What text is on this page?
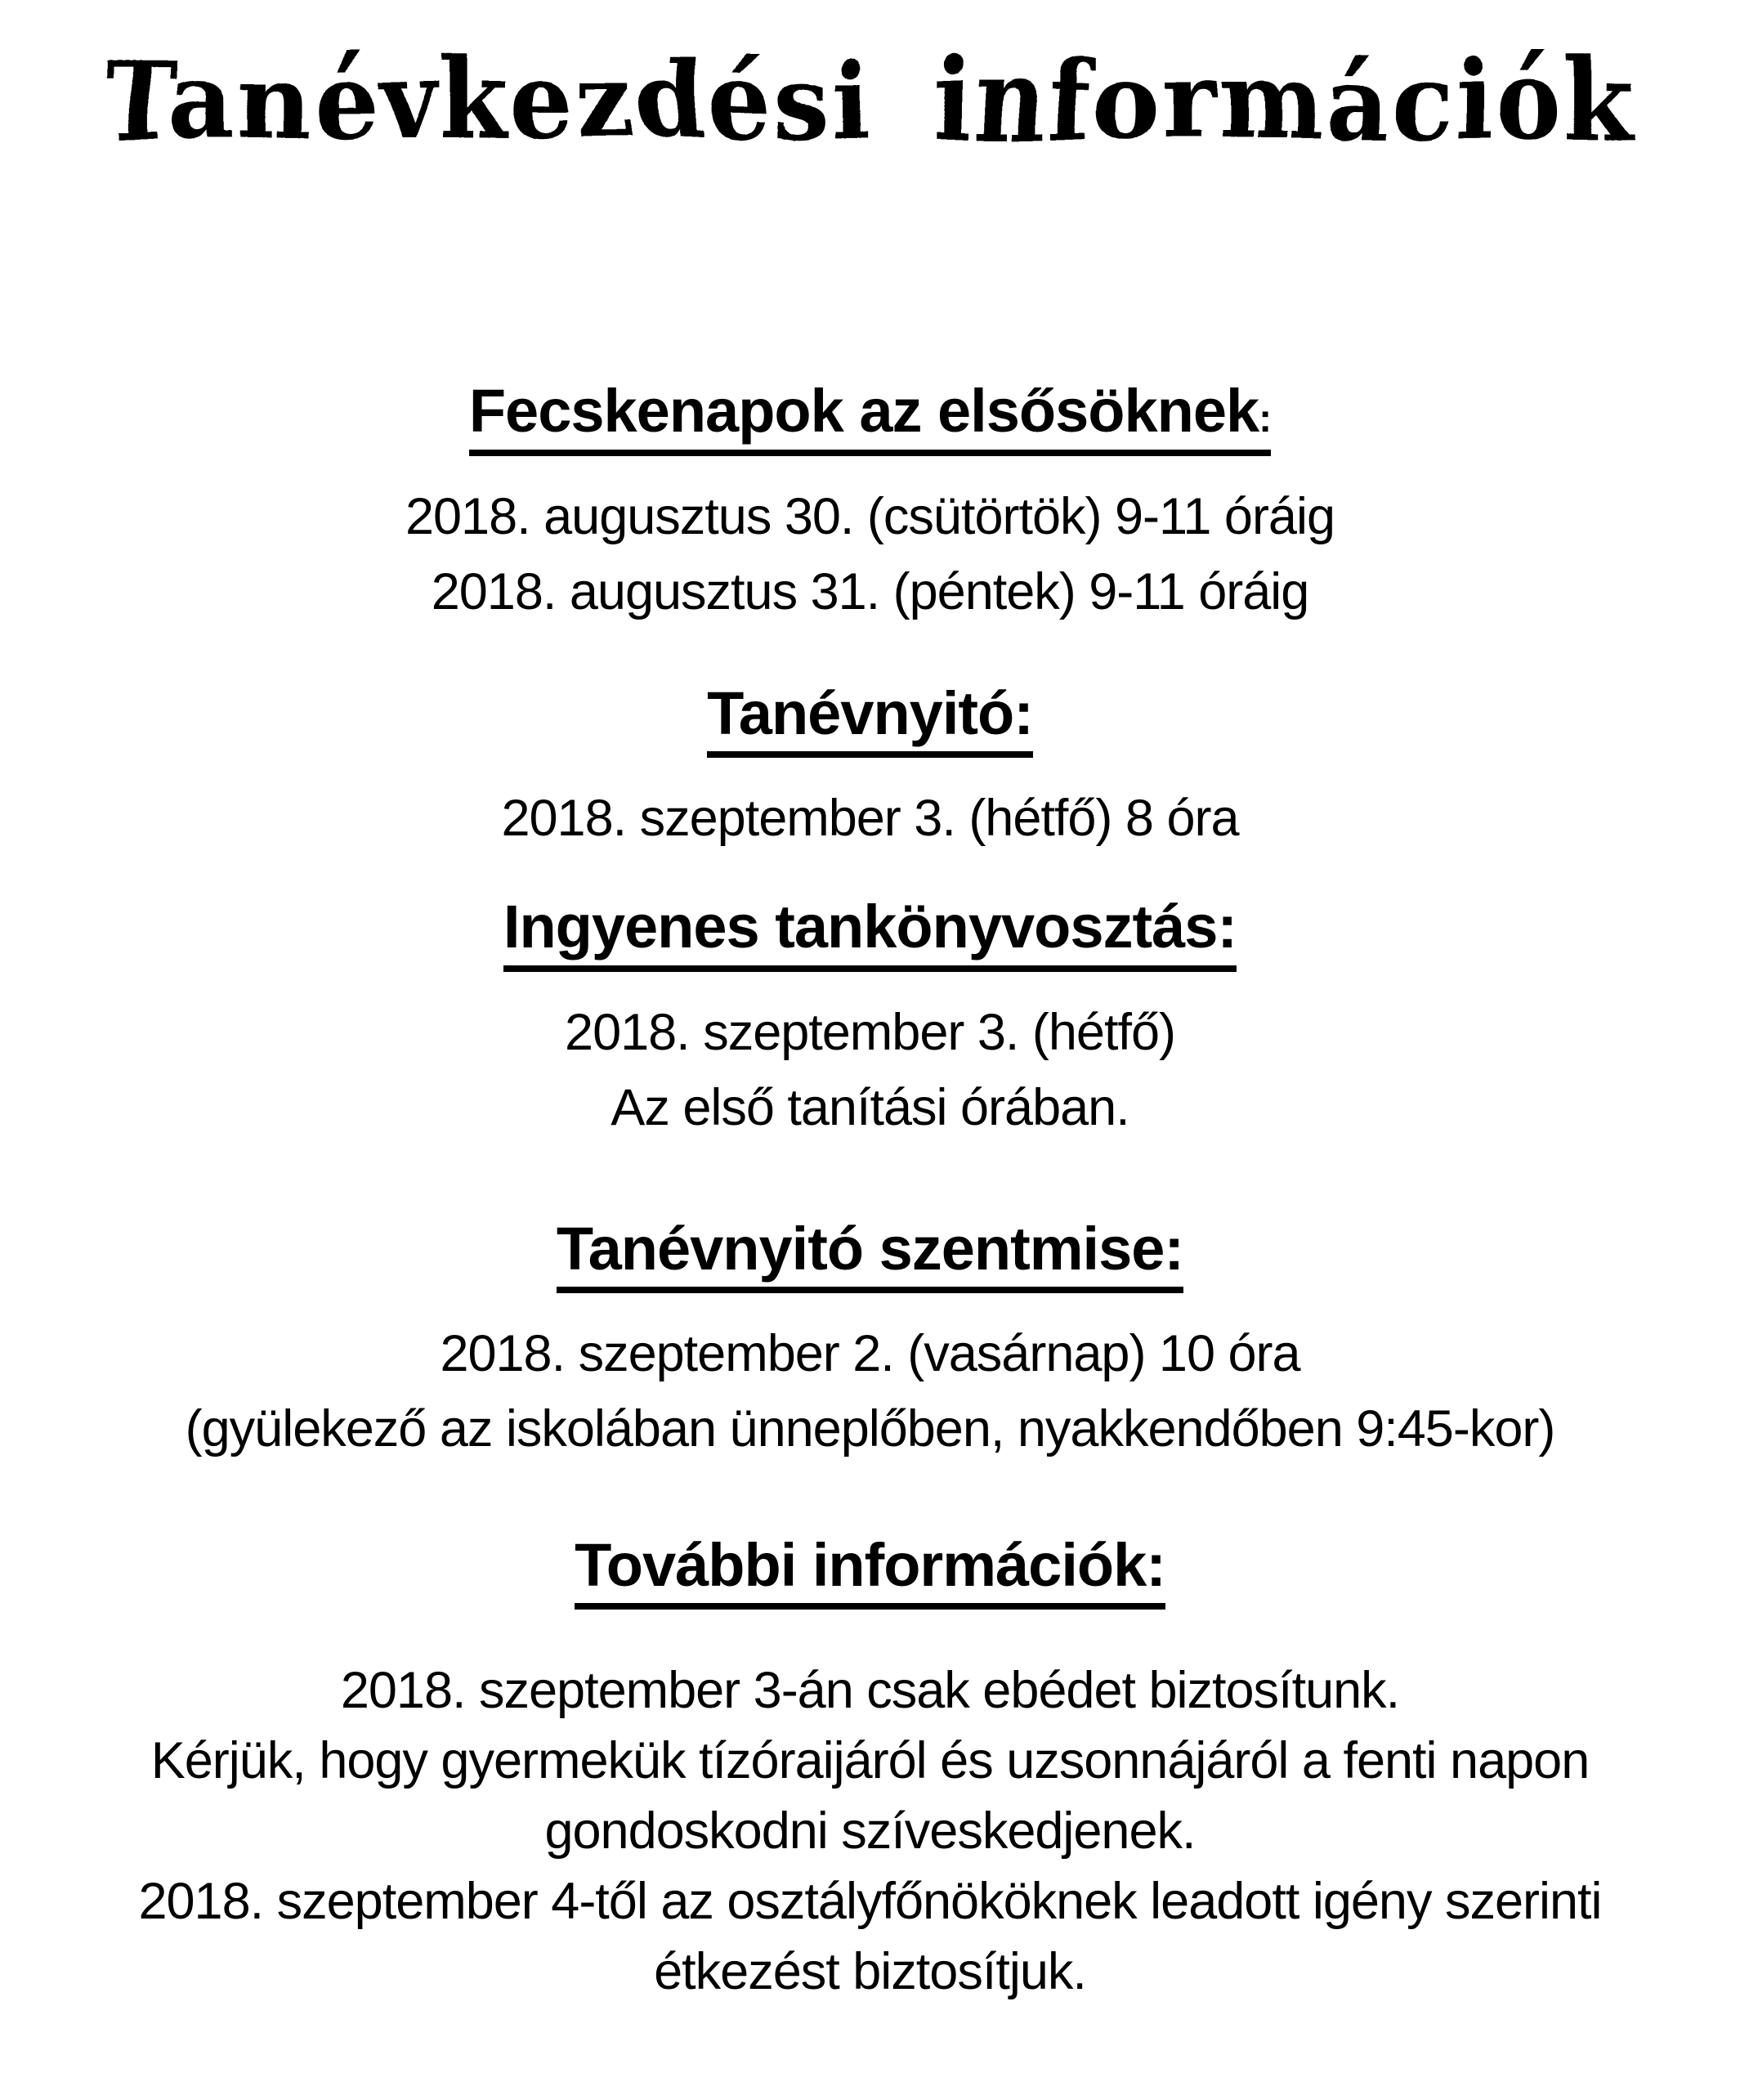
Tanévkezdési információk
Fecskenapok az elsősöknek:

2018. augusztus 30. (csütörtök) 9-11 óráig

2018. augusztus 31. (péntek) 9-11 óráig

Tanévnyitó:

2018. szeptember 3. (hétfő) 8 óra

Ingyenes tankönyvosztás:

2018. szeptember 3. (hétfő)

Az első tanítási órában.

Tanévnyitó szentmise:

2018. szeptember 2. (vasárnap) 10 óra

(gyülekező az iskolában ünneplőben, nyakkendőben 9:45-kor)

További információk:

2018. szeptember 3-án csak ebédet biztosítunk.

Kérjük, hogy gyermekük tízóraijáról és uzsonnájáról a fenti napon

gondoskodni szíveskedjenek.

2018. szeptember 4-től az osztályfőnököknek leadott igény szerinti

étkezést biztosítjuk.
